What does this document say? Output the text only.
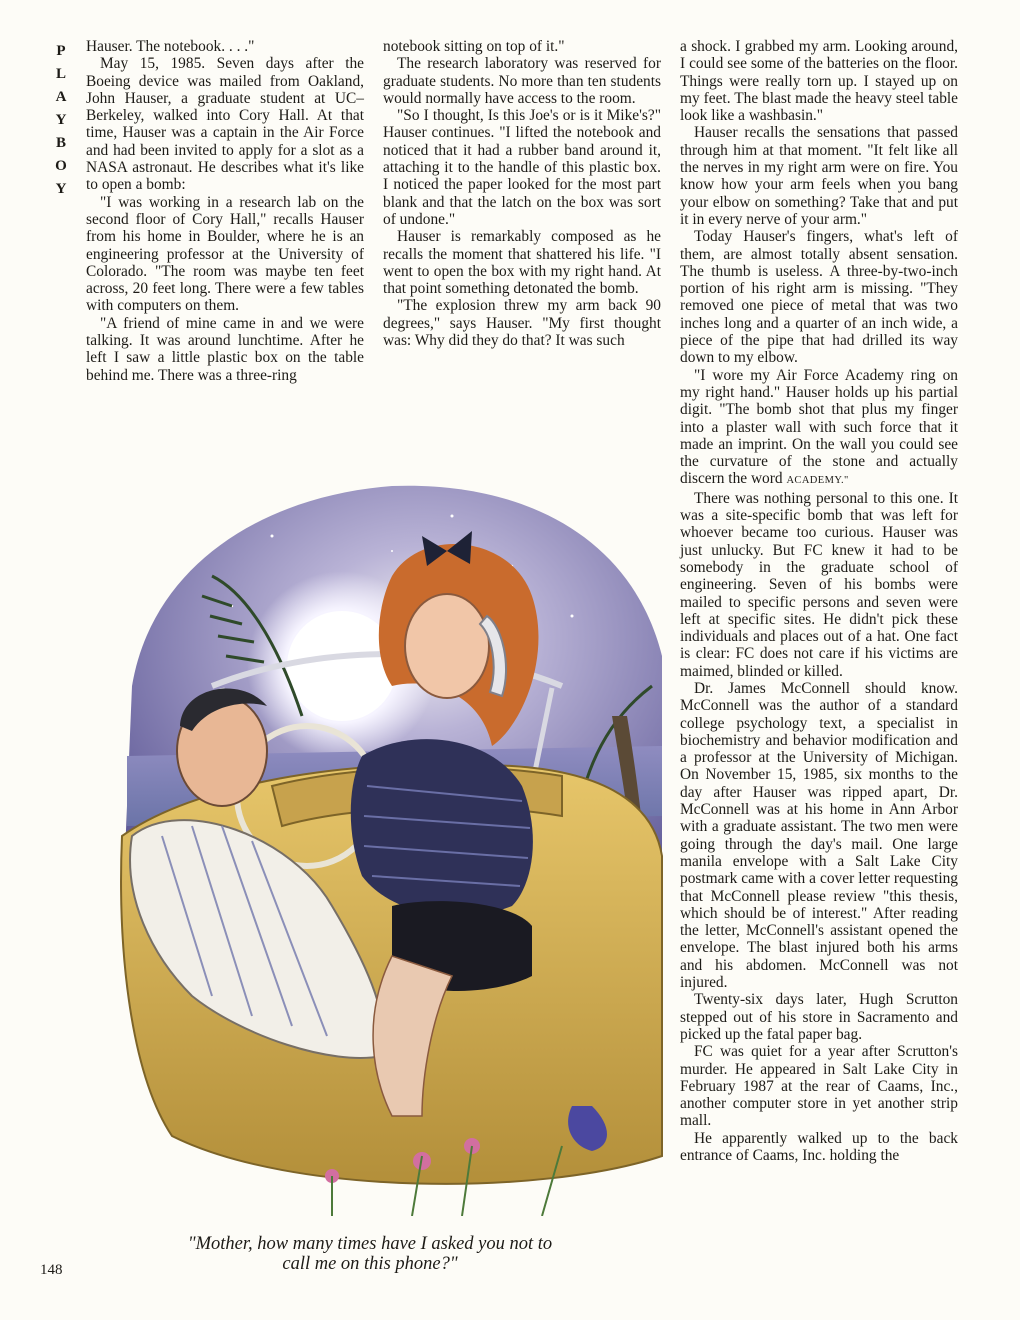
P
L
A
Y
B
O
Y

Hauser. The notebook. . . ."

May 15, 1985. Seven days after the Boeing device was mailed from Oakland, John Hauser, a graduate student at UC–Berkeley, walked into Cory Hall. At that time, Hauser was a captain in the Air Force and had been invited to apply for a slot as a NASA astronaut. He describes what it's like to open a bomb:

"I was working in a research lab on the second floor of Cory Hall," recalls Hauser from his home in Boulder, where he is an engineering professor at the University of Colorado. "The room was maybe ten feet across, 20 feet long. There were a few tables with computers on them.

"A friend of mine came in and we were talking. It was around lunchtime. After he left I saw a little plastic box on the table behind me. There was a three-ring

notebook sitting on top of it."

The research laboratory was reserved for graduate students. No more than ten students would normally have access to the room.

"So I thought, Is this Joe's or is it Mike's?" Hauser continues. "I lifted the notebook and noticed that it had a rubber band around it, attaching it to the handle of this plastic box. I noticed the paper looked for the most part blank and that the latch on the box was sort of undone."

Hauser is remarkably composed as he recalls the moment that shattered his life. "I went to open the box with my right hand. At that point something detonated the bomb.

"The explosion threw my arm back 90 degrees," says Hauser. "My first thought was: Why did they do that? It was such

a shock. I grabbed my arm. Looking around, I could see some of the batteries on the floor. Things were really torn up. I stayed up on my feet. The blast made the heavy steel table look like a washbasin."

Hauser recalls the sensations that passed through him at that moment. "It felt like all the nerves in my right arm were on fire. You know how your arm feels when you bang your elbow on something? Take that and put it in every nerve of your arm."

Today Hauser's fingers, what's left of them, are almost totally absent sensation. The thumb is useless. A three-by-two-inch portion of his right arm is missing. "They removed one piece of metal that was two inches long and a quarter of an inch wide, a piece of the pipe that had drilled its way down to my elbow.

"I wore my Air Force Academy ring on my right hand." Hauser holds up his partial digit. "The bomb shot that plus my finger into a plaster wall with such force that it made an imprint. On the wall you could see the curvature of the stone and actually discern the word ACADEMY."

There was nothing personal to this one. It was a site-specific bomb that was left for whoever became too curious. Hauser was just unlucky. But FC knew it had to be somebody in the graduate school of engineering. Seven of his bombs were mailed to specific persons and seven were left at specific sites. He didn't pick these individuals and places out of a hat. One fact is clear: FC does not care if his victims are maimed, blinded or killed.

Dr. James McConnell should know. McConnell was the author of a standard college psychology text, a specialist in biochemistry and behavior modification and a professor at the University of Michigan. On November 15, 1985, six months to the day after Hauser was ripped apart, Dr. McConnell was at his home in Ann Arbor with a graduate assistant. The two men were going through the day's mail. One large manila envelope with a Salt Lake City postmark came with a cover letter requesting that McConnell please review "this thesis, which should be of interest." After reading the letter, McConnell's assistant opened the envelope. The blast injured both his arms and his abdomen. McConnell was not injured.

Twenty-six days later, Hugh Scrutton stepped out of his store in Sacramento and picked up the fatal paper bag.

FC was quiet for a year after Scrutton's murder. He appeared in Salt Lake City in February 1987 at the rear of Caams, Inc., another computer store in yet another strip mall.

He apparently walked up to the back entrance of Caams, Inc. holding the

"Mother, how many times have I asked you not to
call me on this phone?"
148
